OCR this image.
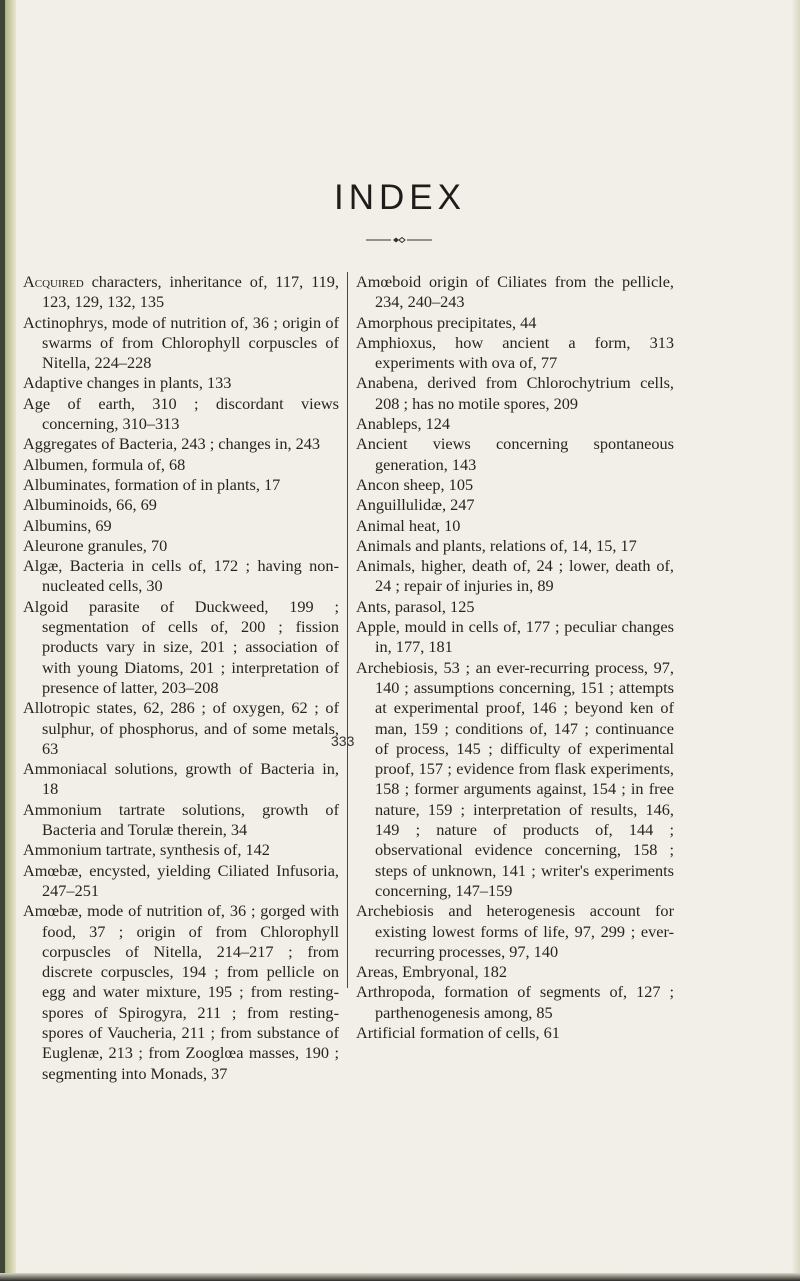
INDEX

Acquired characters, inheritance of, 117, 119, 123, 129, 132, 135

Actinophrys, mode of nutrition of, 36 ; origin of swarms of from Chlorophyll corpuscles of Nitella, 224–228

Adaptive changes in plants, 133

Age of earth, 310 ; discordant views concerning, 310–313

Aggregates of Bacteria, 243 ; changes in, 243

Albumen, formula of, 68

Albuminates, formation of in plants, 17

Albuminoids, 66, 69

Albumins, 69

Aleurone granules, 70

Algæ, Bacteria in cells of, 172 ; having non-nucleated cells, 30

Algoid parasite of Duckweed, 199 ; segmentation of cells of, 200 ; fission products vary in size, 201 ; association of with young Diatoms, 201 ; interpretation of presence of latter, 203–208

Allotropic states, 62, 286 ; of oxygen, 62 ; of sulphur, of phosphorus, and of some metals, 63

Ammoniacal solutions, growth of Bacteria in, 18

Ammonium tartrate solutions, growth of Bacteria and Torulæ therein, 34

Ammonium tartrate, synthesis of, 142

Amœbæ, encysted, yielding Ciliated Infusoria, 247–251

Amœbæ, mode of nutrition of, 36 ; gorged with food, 37 ; origin of from Chlorophyll corpuscles of Nitella, 214–217 ; from discrete corpuscles, 194 ; from pellicle on egg and water mixture, 195 ; from resting-spores of Spirogyra, 211 ; from resting-spores of Vaucheria, 211 ; from substance of Euglenæ, 213 ; from Zooglœa masses, 190 ; segmenting into Monads, 37

Amœboid origin of Ciliates from the pellicle, 234, 240–243

Amorphous precipitates, 44

Amphioxus, how ancient a form, 313 experiments with ova of, 77

Anabena, derived from Chlorochytrium cells, 208 ; has no motile spores, 209

Anableps, 124

Ancient views concerning spontaneous generation, 143

Ancon sheep, 105

Anguillulidæ, 247

Animal heat, 10

Animals and plants, relations of, 14, 15, 17

Animals, higher, death of, 24 ; lower, death of, 24 ; repair of injuries in, 89

Ants, parasol, 125

Apple, mould in cells of, 177 ; peculiar changes in, 177, 181

Archebiosis, 53 ; an ever-recurring process, 97, 140 ; assumptions concerning, 151 ; attempts at experimental proof, 146 ; beyond ken of man, 159 ; conditions of, 147 ; continuance of process, 145 ; difficulty of experimental proof, 157 ; evidence from flask experiments, 158 ; former arguments against, 154 ; in free nature, 159 ; interpretation of results, 146, 149 ; nature of products of, 144 ; observational evidence concerning, 158 ; steps of unknown, 141 ; writer's experiments concerning, 147–159

Archebiosis and heterogenesis account for existing lowest forms of life, 97, 299 ; ever-recurring processes, 97, 140

Areas, Embryonal, 182

Arthropoda, formation of segments of, 127 ; parthenogenesis among, 85

Artificial formation of cells, 61

333
